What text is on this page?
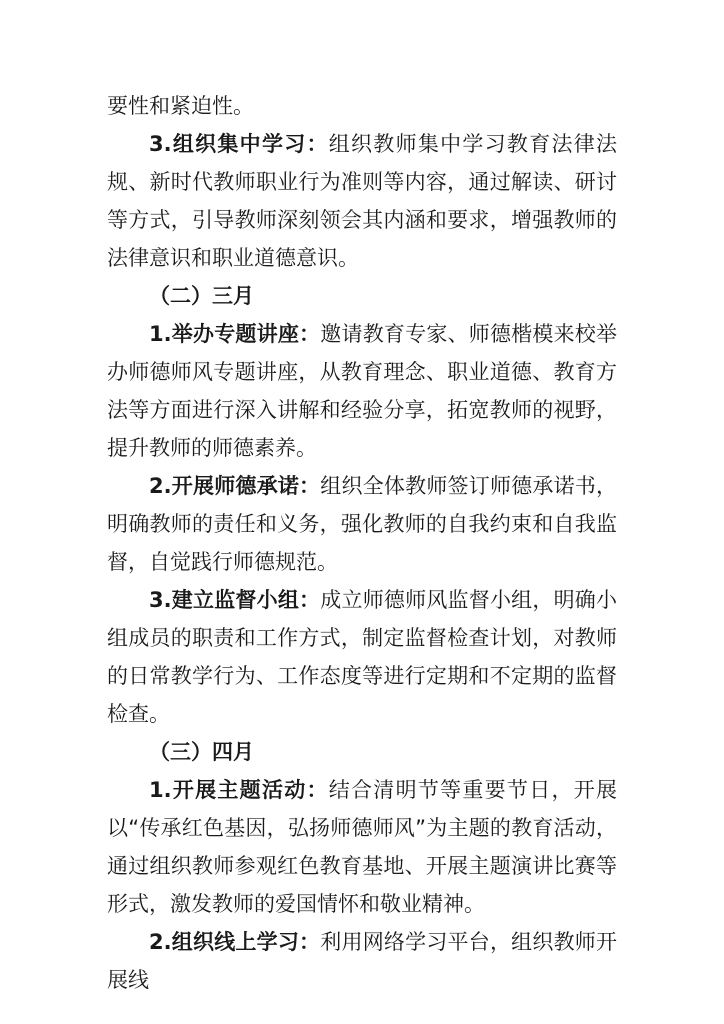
要性和紧迫性。

3.组织集中学习：组织教师集中学习教育法律法规、新时代教师职业行为准则等内容，通过解读、研讨等方式，引导教师深刻领会其内涵和要求，增强教师的法律意识和职业道德意识。

（二）三月

1.举办专题讲座：邀请教育专家、师德楷模来校举办师德师风专题讲座，从教育理念、职业道德、教育方法等方面进行深入讲解和经验分享，拓宽教师的视野，提升教师的师德素养。

2.开展师德承诺：组织全体教师签订师德承诺书，明确教师的责任和义务，强化教师的自我约束和自我监督，自觉践行师德规范。

3.建立监督小组：成立师德师风监督小组，明确小组成员的职责和工作方式，制定监督检查计划，对教师的日常教学行为、工作态度等进行定期和不定期的监督检查。

（三）四月

1.开展主题活动：结合清明节等重要节日，开展以“传承红色基因，弘扬师德师风”为主题的教育活动，通过组织教师参观红色教育基地、开展主题演讲比赛等形式，激发教师的爱国情怀和敬业精神。

2.组织线上学习：利用网络学习平台，组织教师开展线
